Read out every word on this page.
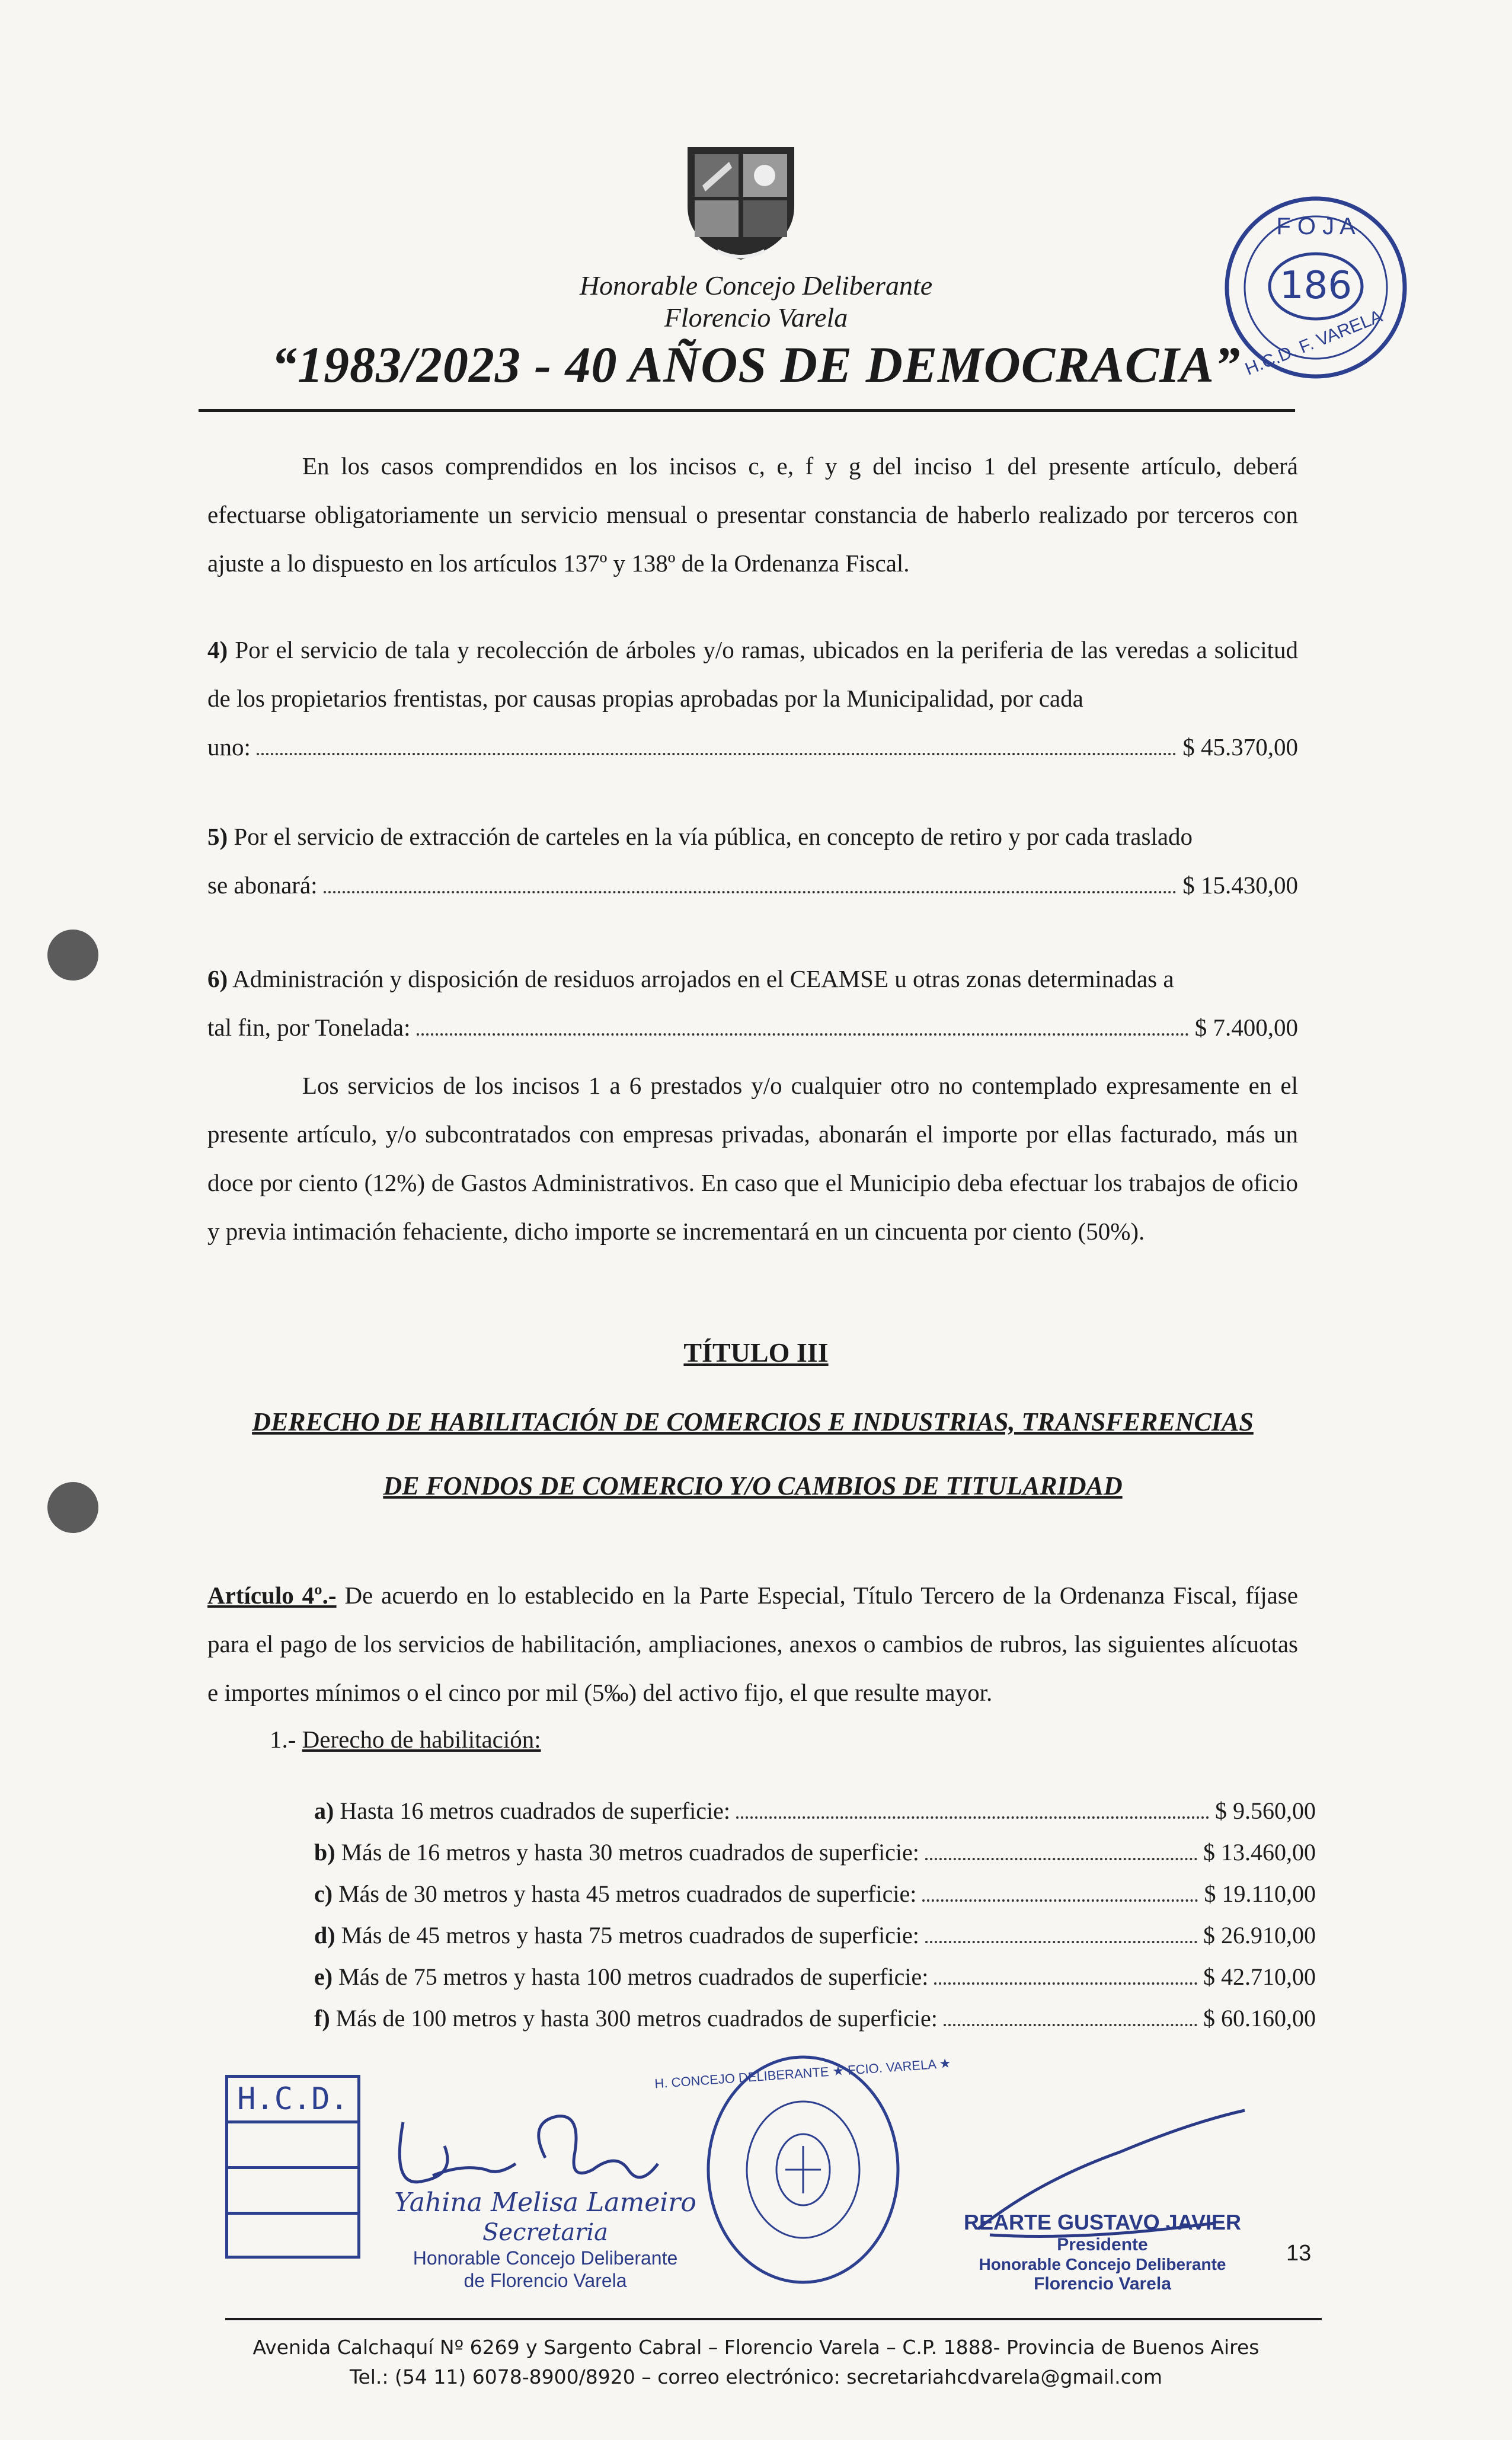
Honorable Concejo Deliberante
Florencio Varela
“1983/2023 - 40 AÑOS DE DEMOCRACIA”
F O J A
186
H.C.D. F. VARELA
En los casos comprendidos en los incisos c, e, f y g del inciso 1 del presente artículo, deberá efectuarse obligatoriamente un servicio mensual o presentar constancia de haberlo realizado por terceros con ajuste a lo dispuesto en los artículos 137º y 138º de la Ordenanza Fiscal.
4) Por el servicio de tala y recolección de árboles y/o ramas, ubicados en la periferia de las veredas a solicitud de los propietarios frentistas, por causas propias aprobadas por la Municipalidad, por cada
uno:	$ 45.370,00
5) Por el servicio de extracción de carteles en la vía pública, en concepto de retiro y por cada traslado
se abonará:	$ 15.430,00
6) Administración y disposición de residuos arrojados en el CEAMSE u otras zonas determinadas a
tal fin, por Tonelada:	$ 7.400,00
Los servicios de los incisos 1 a 6 prestados y/o cualquier otro no contemplado expresamente en el presente artículo, y/o subcontratados con empresas privadas, abonarán el importe por ellas facturado, más un doce por ciento (12%) de Gastos Administrativos. En caso que el Municipio deba efectuar los trabajos de oficio y previa intimación fehaciente, dicho importe se incrementará en un cincuenta por ciento (50%).
TÍTULO III
DERECHO DE HABILITACIÓN DE COMERCIOS E INDUSTRIAS, TRANSFERENCIAS
DE FONDOS DE COMERCIO Y/O CAMBIOS DE TITULARIDAD
Artículo 4º.- De acuerdo en lo establecido en la Parte Especial, Título Tercero de la Ordenanza Fiscal, fíjase para el pago de los servicios de habilitación, ampliaciones, anexos o cambios de rubros, las siguientes alícuotas e importes mínimos o el cinco por mil (5‰) del activo fijo, el que resulte mayor.
1.- Derecho de habilitación:
a) Hasta 16 metros cuadrados de superficie:	$ 9.560,00
b) Más de 16 metros y hasta 30 metros cuadrados de superficie:	$ 13.460,00
c) Más de 30 metros y hasta 45 metros cuadrados de superficie:	$ 19.110,00
d) Más de 45 metros y hasta 75 metros cuadrados de superficie:	$ 26.910,00
e) Más de 75 metros y hasta 100 metros cuadrados de superficie:	$ 42.710,00
f) Más de 100 metros y hasta 300 metros cuadrados de superficie:	$ 60.160,00
H.C.D.
Yahina Melisa Lameiro
Secretaria
Honorable Concejo Deliberante
de Florencio Varela
H. CONCEJO DELIBERANTE ★ FCIO. VARELA ★
REARTE GUSTAVO JAVIER
Presidente
Honorable Concejo Deliberante
Florencio Varela
13
Avenida Calchaquí Nº 6269 y Sargento Cabral – Florencio Varela – C.P. 1888- Provincia de Buenos Aires
Tel.: (54 11) 6078-8900/8920 – correo electrónico: secretariahcdvarela@gmail.com
